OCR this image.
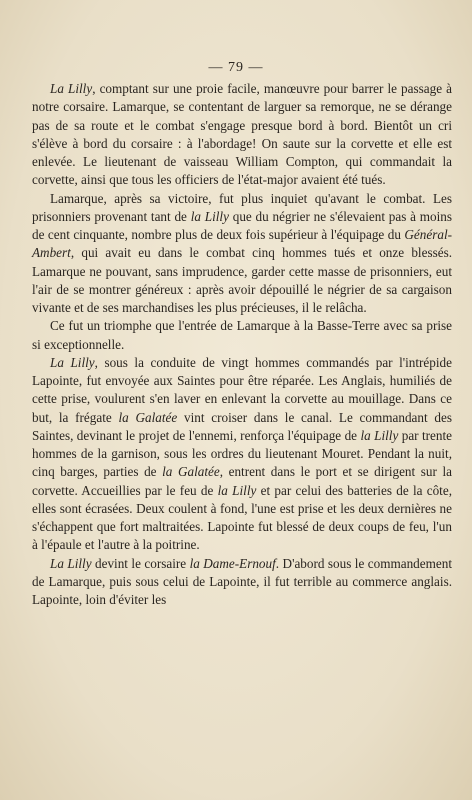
— 79 —

La Lilly, comptant sur une proie facile, manœuvre pour barrer le passage à notre corsaire. Lamarque, se contentant de larguer sa remorque, ne se dérange pas de sa route et le combat s'engage presque bord à bord. Bientôt un cri s'élève à bord du corsaire : à l'abordage! On saute sur la corvette et elle est enlevée. Le lieutenant de vaisseau William Compton, qui commandait la corvette, ainsi que tous les officiers de l'état-major avaient été tués.

Lamarque, après sa victoire, fut plus inquiet qu'avant le combat. Les prisonniers provenant tant de la Lilly que du négrier ne s'élevaient pas à moins de cent cinquante, nombre plus de deux fois supérieur à l'équipage du Général-Ambert, qui avait eu dans le combat cinq hommes tués et onze blessés. Lamarque ne pouvant, sans imprudence, garder cette masse de prisonniers, eut l'air de se montrer généreux : après avoir dépouillé le négrier de sa cargaison vivante et de ses marchandises les plus précieuses, il le relâcha.

Ce fut un triomphe que l'entrée de Lamarque à la Basse-Terre avec sa prise si exceptionnelle.

La Lilly, sous la conduite de vingt hommes commandés par l'intrépide Lapointe, fut envoyée aux Saintes pour être réparée. Les Anglais, humiliés de cette prise, voulurent s'en laver en enlevant la corvette au mouillage. Dans ce but, la frégate la Galatée vint croiser dans le canal. Le commandant des Saintes, devinant le projet de l'ennemi, renforça l'équipage de la Lilly par trente hommes de la garnison, sous les ordres du lieutenant Mouret. Pendant la nuit, cinq barges, parties de la Galatée, entrent dans le port et se dirigent sur la corvette. Accueillies par le feu de la Lilly et par celui des batteries de la côte, elles sont écrasées. Deux coulent à fond, l'une est prise et les deux dernières ne s'échappent que fort maltraitées. Lapointe fut blessé de deux coups de feu, l'un à l'épaule et l'autre à la poitrine.

La Lilly devint le corsaire la Dame-Ernouf. D'abord sous le commandement de Lamarque, puis sous celui de Lapointe, il fut terrible au commerce anglais. Lapointe, loin d'éviter les
